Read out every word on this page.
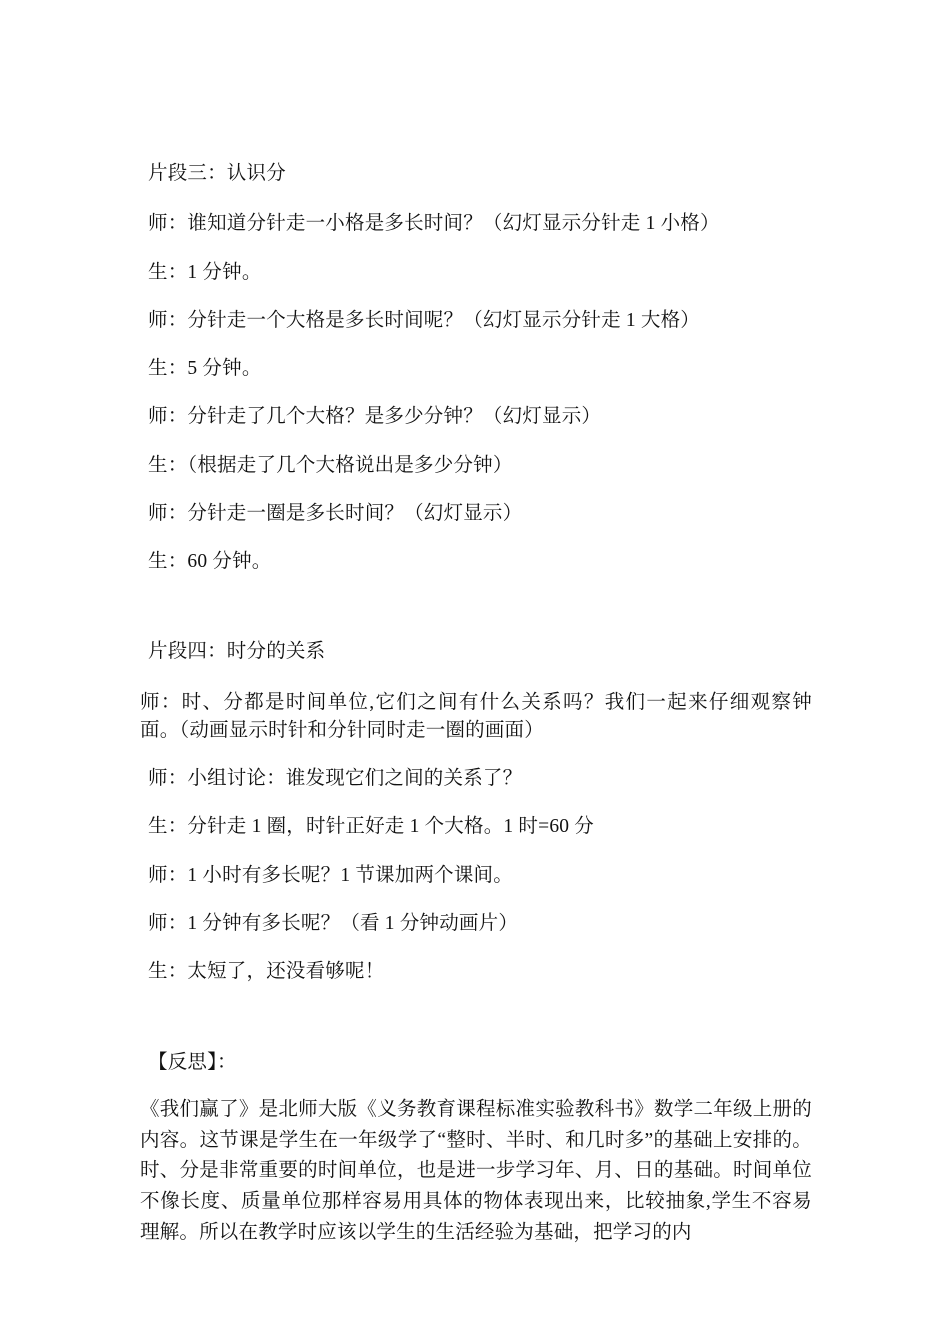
片段三：认识分

师：谁知道分针走一小格是多长时间？（幻灯显示分针走 1 小格）

生：1 分钟。

师：分针走一个大格是多长时间呢？（幻灯显示分针走 1 大格）

生：5 分钟。

师：分针走了几个大格？是多少分钟？（幻灯显示）

生：（根据走了几个大格说出是多少分钟）

师：分针走一圈是多长时间？（幻灯显示）

生：60 分钟。

片段四：时分的关系

师：时、分都是时间单位,它们之间有什么关系吗？我们一起来仔细观察钟面。（动画显示时针和分针同时走一圈的画面）

师：小组讨论：谁发现它们之间的关系了？

生：分针走 1 圈，时针正好走 1 个大格。1 时=60 分

师：1 小时有多长呢？1 节课加两个课间。

师：1 分钟有多长呢？（看 1 分钟动画片）

生：太短了，还没看够呢！

【反思】：

《我们赢了》是北师大版《义务教育课程标准实验教科书》数学二年级上册的内容。这节课是学生在一年级学了“整时、半时、和几时多”的基础上安排的。时、分是非常重要的时间单位，也是进一步学习年、月、日的基础。时间单位不像长度、质量单位那样容易用具体的物体表现出来，比较抽象,学生不容易理解。所以在教学时应该以学生的生活经验为基础，把学习的内
